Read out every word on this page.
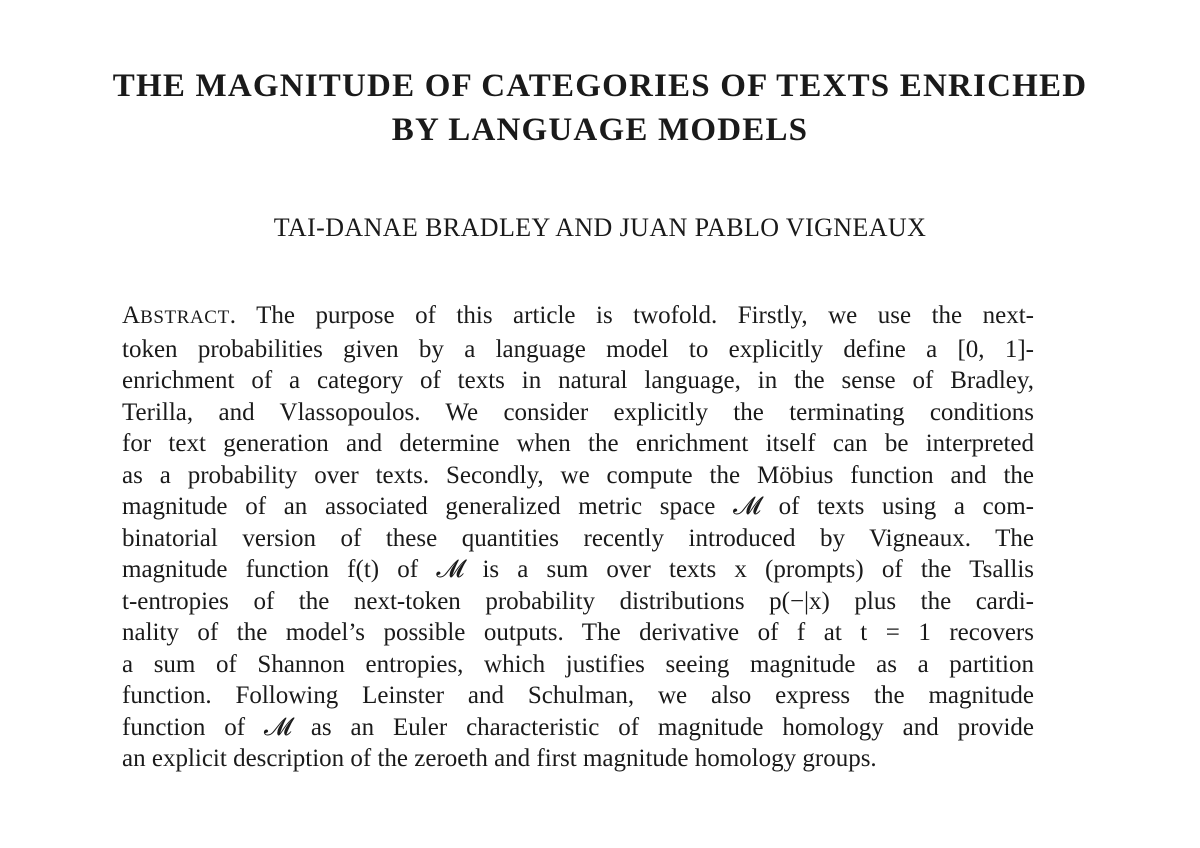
THE MAGNITUDE OF CATEGORIES OF TEXTS ENRICHED
BY LANGUAGE MODELS

TAI-DANAE BRADLEY AND JUAN PABLO VIGNEAUX

ABSTRACT. The purpose of this article is twofold. Firstly, we use the next-
token probabilities given by a language model to explicitly define a [0, 1]-
enrichment of a category of texts in natural language, in the sense of Bradley,
Terilla, and Vlassopoulos. We consider explicitly the terminating conditions
for text generation and determine when the enrichment itself can be interpreted
as a probability over texts. Secondly, we compute the Möbius function and the
magnitude of an associated generalized metric space 𝓜 of texts using a com-
binatorial version of these quantities recently introduced by Vigneaux. The
magnitude function f(t) of 𝓜 is a sum over texts x (prompts) of the Tsallis
t-entropies of the next-token probability distributions p(−|x) plus the cardi-
nality of the model’s possible outputs. The derivative of f at t = 1 recovers
a sum of Shannon entropies, which justifies seeing magnitude as a partition
function. Following Leinster and Schulman, we also express the magnitude
function of 𝓜 as an Euler characteristic of magnitude homology and provide
an explicit description of the zeroeth and first magnitude homology groups.
